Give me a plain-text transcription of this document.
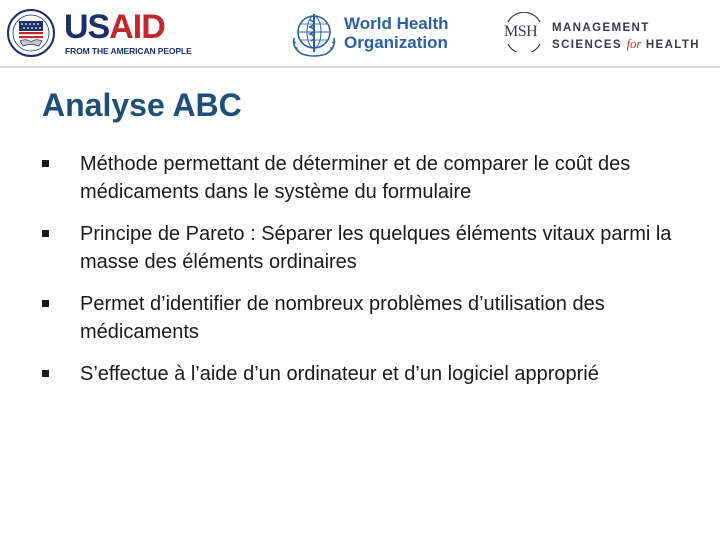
USAID
FROM THE AMERICAN PEOPLE
World Health
Organization
MSH MANAGEMENT
SCIENCES for HEALTH
Analyse ABC
Méthode permettant de déterminer et de comparer le coût des médicaments dans le système du formulaire
Principe de Pareto : Séparer les quelques éléments vitaux parmi la masse des éléments ordinaires
Permet d’identifier de nombreux problèmes d’utilisation des médicaments
S’effectue à l’aide d’un ordinateur et d’un logiciel approprié
